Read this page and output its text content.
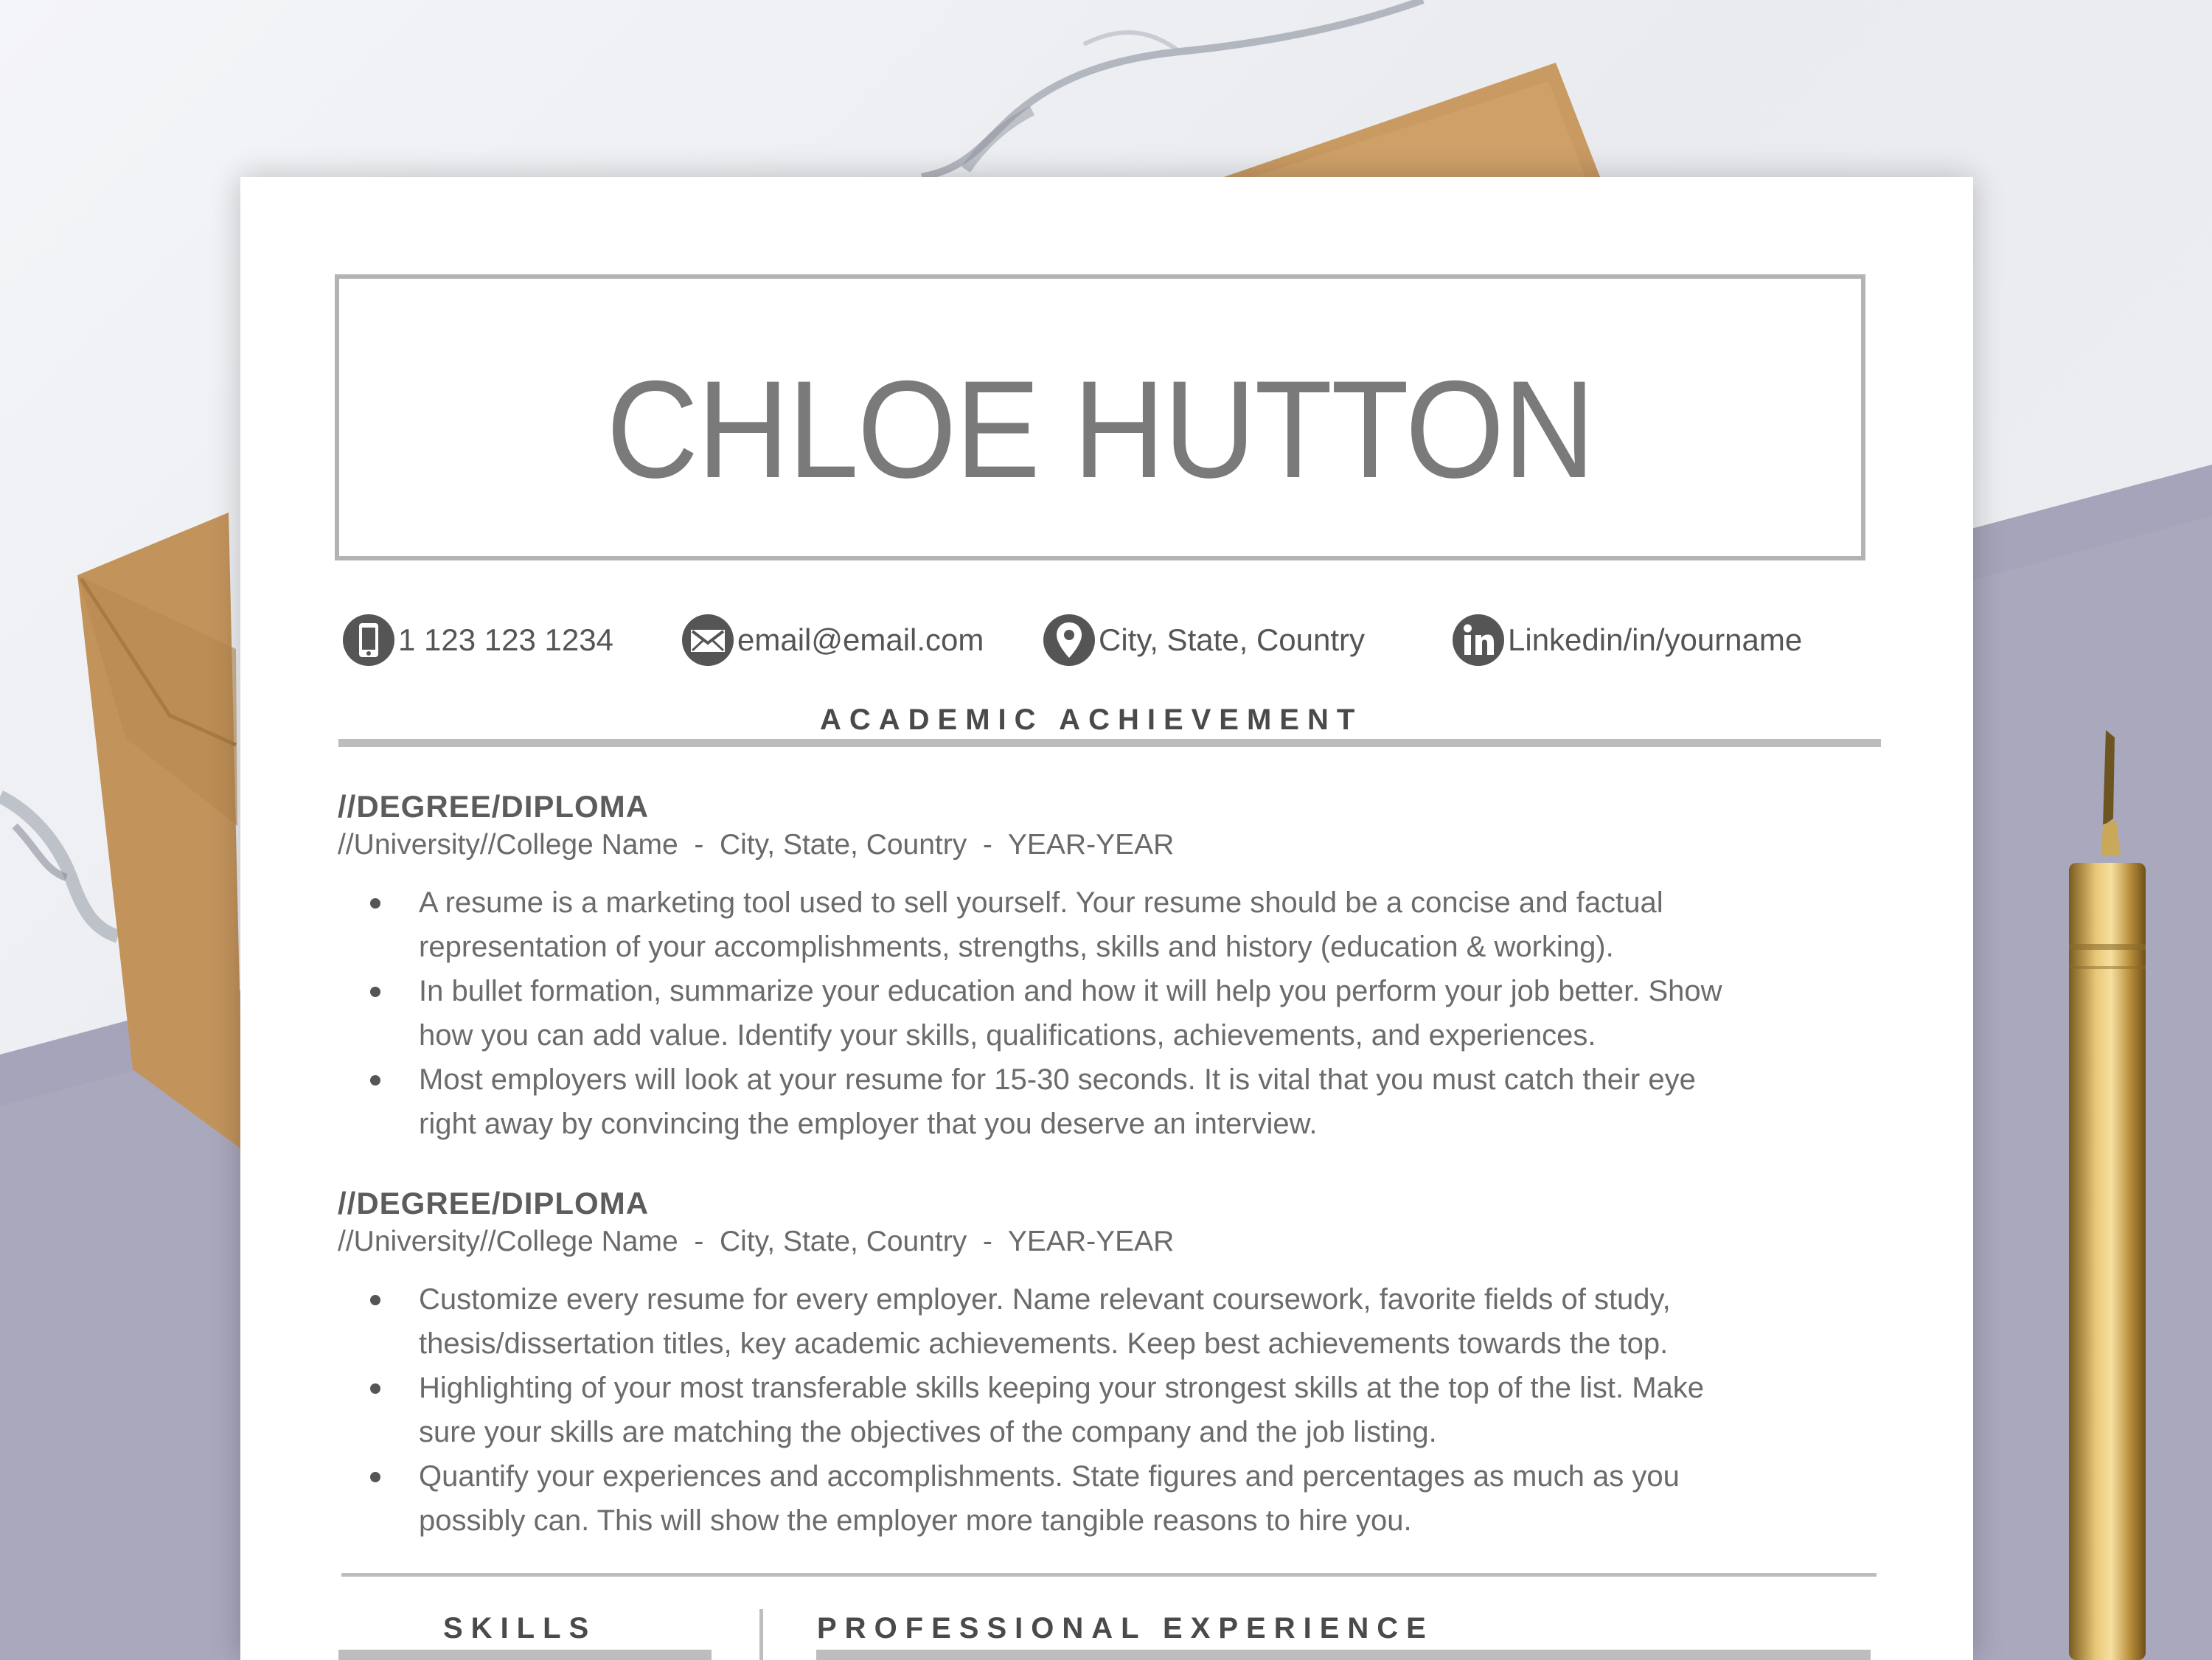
CHLOE HUTTON
1 123 123 1234	email@email.com	City, State, Country	Linkedin/in/yourname
ACADEMIC ACHIEVEMENT
//DEGREE/DIPLOMA
//University//College Name  -  City, State, Country  -  YEAR-YEAR
A resume is a marketing tool used to sell yourself. Your resume should be a concise and factual
representation of your accomplishments, strengths, skills and history (education & working).
In bullet formation, summarize your education and how it will help you perform your job better. Show
how you can add value. Identify your skills, qualifications, achievements, and experiences.
Most employers will look at your resume for 15-30 seconds. It is vital that you must catch their eye
right away by convincing the employer that you deserve an interview.
//DEGREE/DIPLOMA
//University//College Name  -  City, State, Country  -  YEAR-YEAR
Customize every resume for every employer. Name relevant coursework, favorite fields of study,
thesis/dissertation titles, key academic achievements. Keep best achievements towards the top.
Highlighting of your most transferable skills keeping your strongest skills at the top of the list. Make
sure your skills are matching the objectives of the company and the job listing.
Quantify your experiences and accomplishments. State figures and percentages as much as you
possibly can. This will show the employer more tangible reasons to hire you.
SKILLS	PROFESSIONAL EXPERIENCE
